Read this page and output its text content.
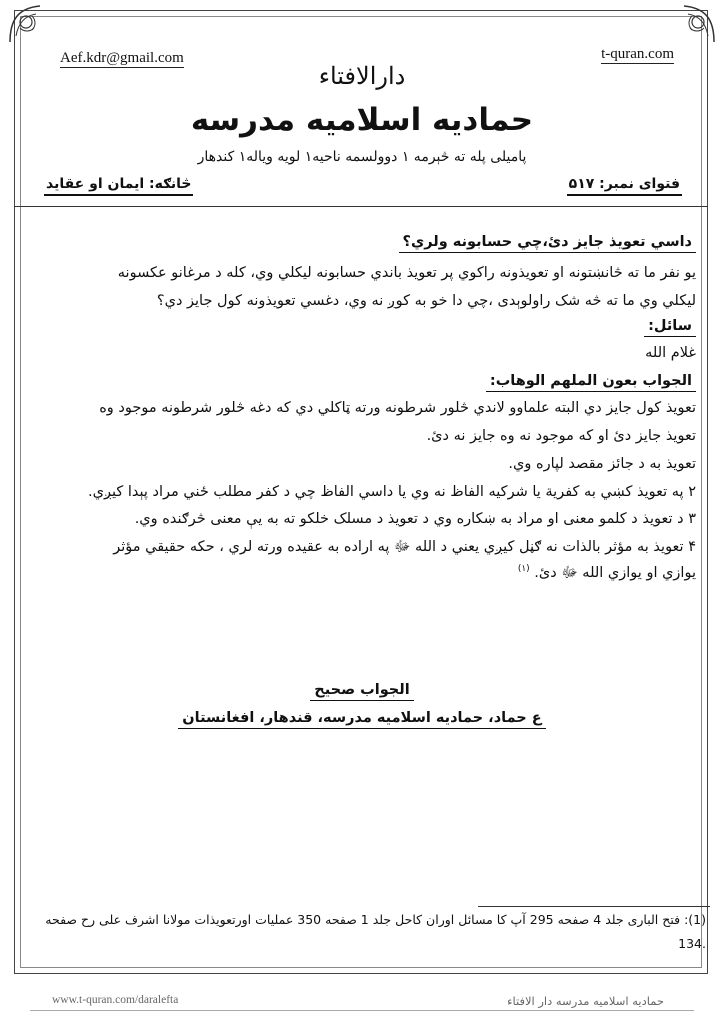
Aef.kdr@gmail.com	t-quran.com
دارالافتاء
حمادیه اسلامیه مدرسه
پامیلی پله ته څېرمه ۱ دوولسمه ناحیه۱ لویه ویاله۱ کندهار
فتوای نمبر: ۵۱۷
څانګه: ایمان او عقاید
داسي تعویذ جایز دئ،چي حسابونه ولري؟
یو نفر ما ته څانښتونه او تعویذونه راکوي پر تعویذ باندي حسابونه لیکلي وي، کله د مرغانو عکسونه
لیکلي وي ما ته څه شک راولوېدی ،چي دا خو به کوږ نه وي، دغسي تعویذونه کول جایز دي؟
سائل:
غلام الله
الجواب بعون الملهم الوهاب:
تعویذ کول جایز دي البته علماوو لاندي څلور شرطونه ورته ټاکلي دي که دغه څلور شرطونه موجود وه
تعویذ جایز دئ او که موجود نه وه جایز نه دئ.
تعویذ به د جائز مقصد لپاره وي.
۲ په تعویذ کښي به کفریة یا شرکیه الفاظ نه وي یا داسي الفاظ چي د کفر مطلب ځني مراد پېدا کیږي.
۳ د تعویذ د کلمو معنی او مراد به ښکاره وي د تعویذ د مسلک خلکو ته به یې معنی څرګنده وي.
۴ تعویذ به مؤثر بالذات نه ګڼل کیږي یعني د الله ﷻ په اراده به عقیده ورته لري ، حکه حقیقي مؤثر
یوازي او یوازي الله ﷻ دئ. $^{(۱)}$
الجواب صحیح
ع حماد، حمادیه اسلامیه مدرسه، قندهار، افغانستان
(1): فتح الباری جلد 4 صفحه 295 آپ کا مسائل اوران کاحل جلد 1 صفحه 350 عملیات اورتعویذات مولانا اشرف علی رح صفحه
.134
www.t-quran.com/daralefta	حمادیه اسلامیه مدرسه دار الافتاء
